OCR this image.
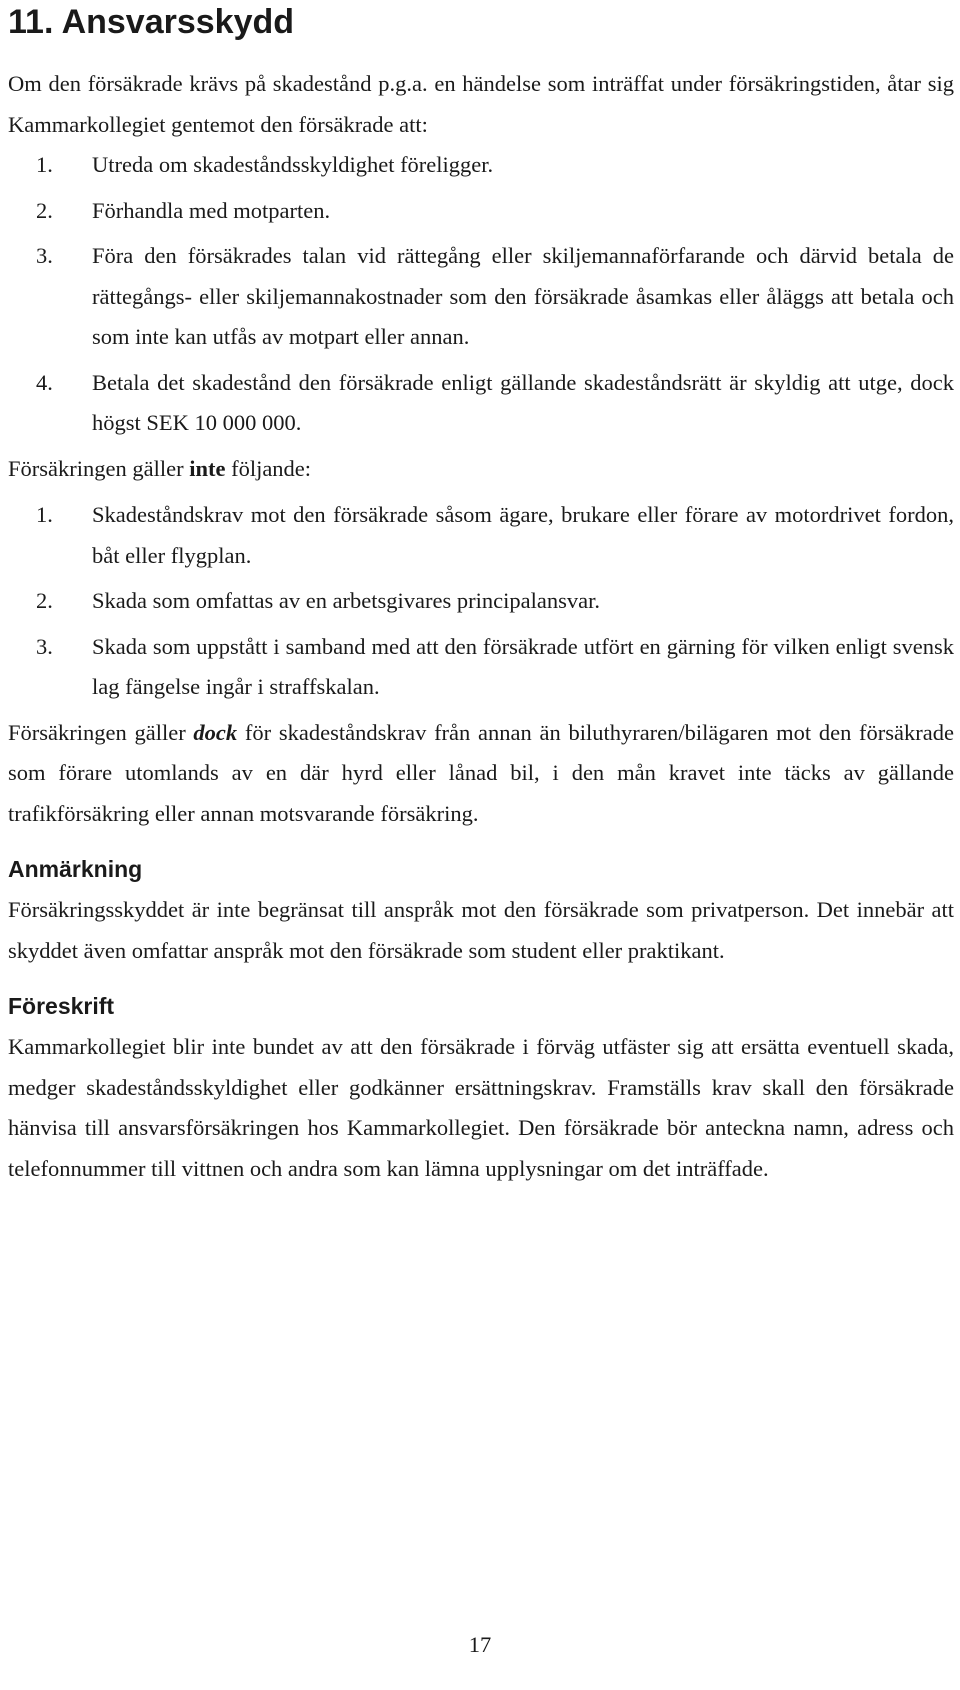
11. Ansvarsskydd

Om den försäkrade krävs på skadestånd p.g.a. en händelse som inträffat under försäkringstiden, åtar sig Kammarkollegiet gentemot den försäkrade att:

1.	Utreda om skadeståndsskyldighet föreligger.
2.	Förhandla med motparten.
3.	Föra den försäkrades talan vid rättegång eller skiljemannaförfarande och därvid betala de rättegångs- eller skiljemannakostnader som den försäkrade åsamkas eller åläggs att betala och som inte kan utfås av motpart eller annan.
4.	Betala det skadestånd den försäkrade enligt gällande skadeståndsrätt är skyldig att utge, dock högst SEK 10 000 000.

Försäkringen gäller inte följande:

1.	Skadeståndskrav mot den försäkrade såsom ägare, brukare eller förare av motordrivet fordon, båt eller flygplan.
2.	Skada som omfattas av en arbetsgivares principalansvar.
3.	Skada som uppstått i samband med att den försäkrade utfört en gärning för vilken enligt svensk lag fängelse ingår i straffskalan.

Försäkringen gäller dock för skadeståndskrav från annan än biluthyraren/bilägaren mot den försäkrade som förare utomlands av en där hyrd eller lånad bil, i den mån kravet inte täcks av gällande trafikförsäkring eller annan motsvarande försäkring.

Anmärkning

Försäkringsskyddet är inte begränsat till anspråk mot den försäkrade som privatperson. Det innebär att skyddet även omfattar anspråk mot den försäkrade som student eller praktikant.

Föreskrift

Kammarkollegiet blir inte bundet av att den försäkrade i förväg utfäster sig att ersätta eventuell skada, medger skadeståndsskyldighet eller godkänner ersättningskrav. Framställs krav skall den försäkrade hänvisa till ansvarsförsäkringen hos Kammarkollegiet. Den försäkrade bör anteckna namn, adress och telefonnummer till vittnen och andra som kan lämna upplysningar om det inträffade.

17
